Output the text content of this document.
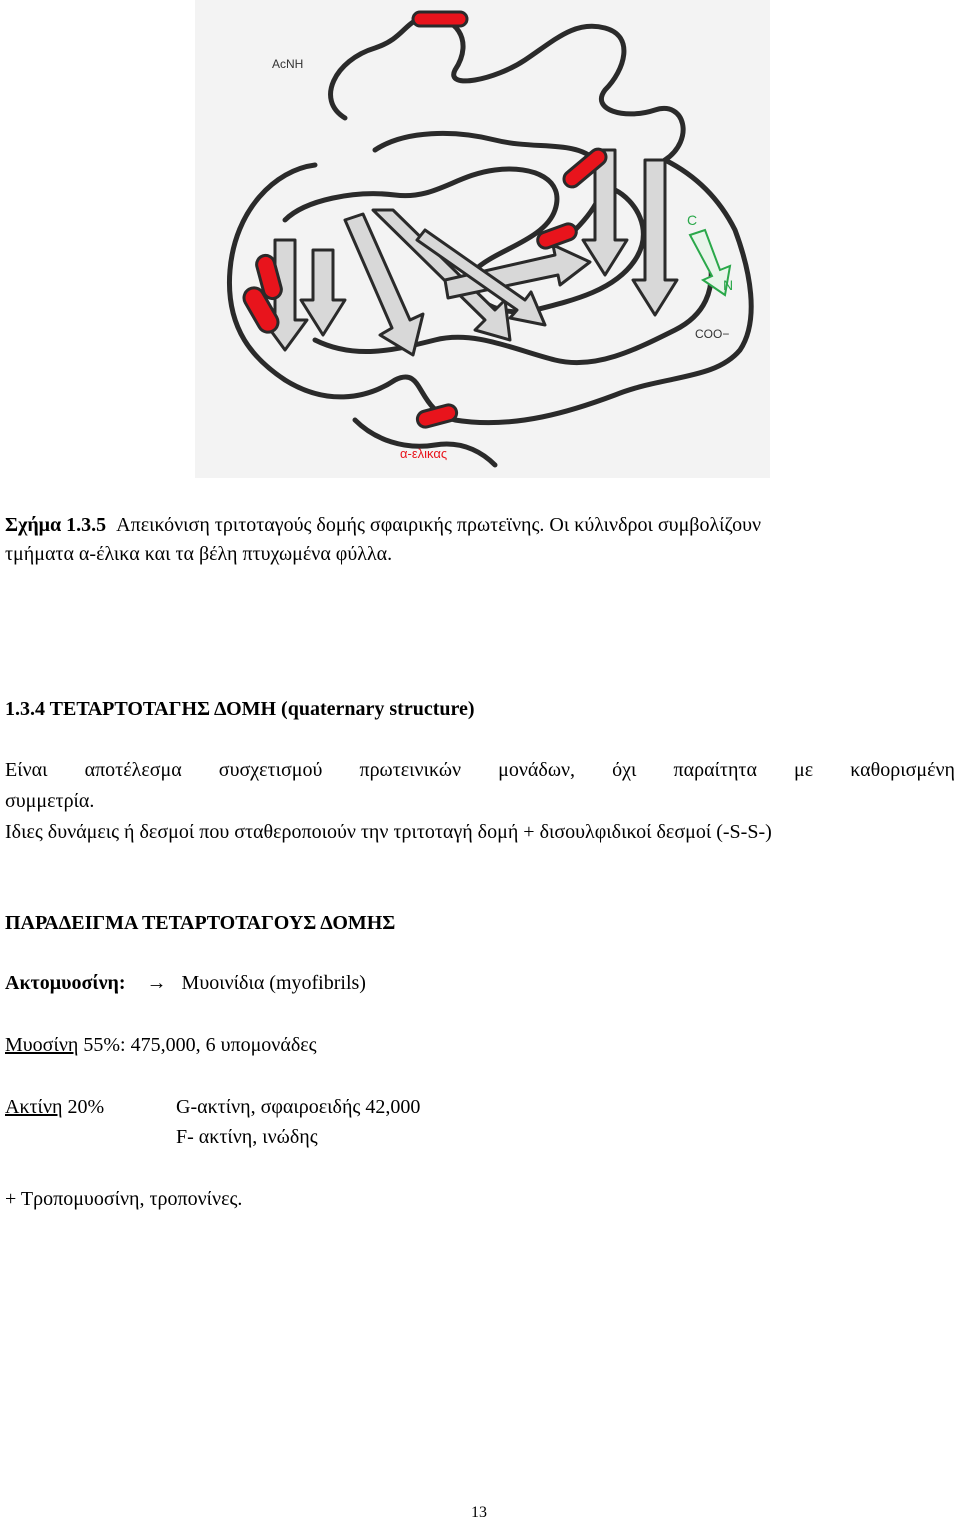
AcNH
COO−
C
N
α-ελικας
Σχήμα 1.3.5 Απεικόνιση τριτοταγούς δομής σφαιρικής πρωτεϊνης. Οι κύλινδροι συμβολίζουν
τμήματα α-έλικα και τα βέλη πτυχωμένα φύλλα.
1.3.4 ΤΕΤΑΡΤΟΤΑΓΗΣ ΔΟΜΗ (quaternary structure)
Είναι αποτέλεσμα συσχετισμού πρωτεινικών μονάδων, όχι παραίτητα με καθορισμένη
συμμετρία.
Ιδιες δυνάμεις ή δεσμοί που σταθεροποιούν την τριτοταγή δομή + δισουλφιδικοί δεσμοί (-S-S-)
ΠΑΡΑΔΕΙΓΜΑ ΤΕΤΑΡΤΟΤΑΓΟΥΣ ΔΟΜΗΣ
Ακτομυοσίνη: → Μυοινίδια (myofibrils)
Μυοσίνη 55%: 475,000, 6 υπομονάδες
Ακτίνη 20%	G-ακτίνη, σφαιροειδής 42,000
F- ακτίνη, ινώδης
+ Τροπομυοσίνη, τροπονίνες.
13
